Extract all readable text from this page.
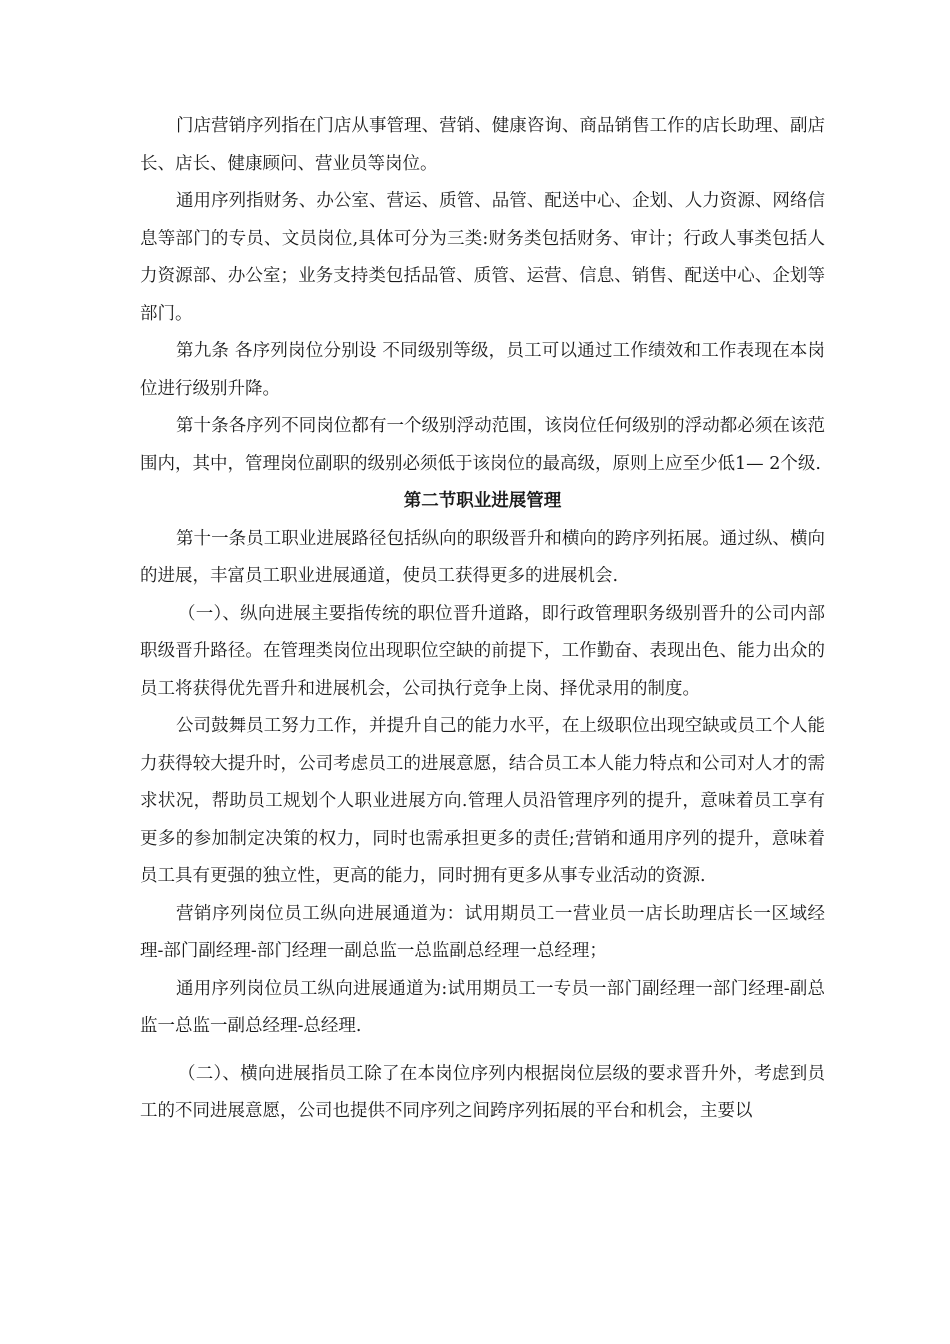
门店营销序列指在门店从事管理、营销、健康咨询、商品销售工作的店长助理、副店长、店长、健康顾问、营业员等岗位。

通用序列指财务、办公室、营运、质管、品管、配送中心、企划、人力资源、网络信息等部门的专员、文员岗位,具体可分为三类:财务类包括财务、审计；行政人事类包括人力资源部、办公室；业务支持类包括品管、质管、运营、信息、销售、配送中心、企划等部门。

第九条 各序列岗位分别设 不同级别等级，员工可以通过工作绩效和工作表现在本岗位进行级别升降。

第十条各序列不同岗位都有一个级别浮动范围，该岗位任何级别的浮动都必须在该范围内，其中，管理岗位副职的级别必须低于该岗位的最高级，原则上应至少低1— 2个级.

第二节职业进展管理

第十一条员工职业进展路径包括纵向的职级晋升和横向的跨序列拓展。通过纵、横向的进展，丰富员工职业进展通道，使员工获得更多的进展机会.

（一）、纵向进展主要指传统的职位晋升道路，即行政管理职务级别晋升的公司内部职级晋升路径。在管理类岗位出现职位空缺的前提下，工作勤奋、表现出色、能力出众的员工将获得优先晋升和进展机会，公司执行竞争上岗、择优录用的制度。

公司鼓舞员工努力工作，并提升自己的能力水平，在上级职位出现空缺或员工个人能力获得较大提升时，公司考虑员工的进展意愿，结合员工本人能力特点和公司对人才的需求状况，帮助员工规划个人职业进展方向.管理人员沿管理序列的提升，意味着员工享有更多的参加制定决策的权力，同时也需承担更多的责任;营销和通用序列的提升，意味着员工具有更强的独立性，更高的能力，同时拥有更多从事专业活动的资源.

营销序列岗位员工纵向进展通道为：试用期员工一营业员一店长助理店长一区域经理-部门副经理-部门经理一副总监一总监副总经理一总经理；

通用序列岗位员工纵向进展通道为:试用期员工一专员一部门副经理一部门经理-副总监一总监一副总经理-总经理.

（二）、横向进展指员工除了在本岗位序列内根据岗位层级的要求晋升外，考虑到员工的不同进展意愿，公司也提供不同序列之间跨序列拓展的平台和机会，主要以
